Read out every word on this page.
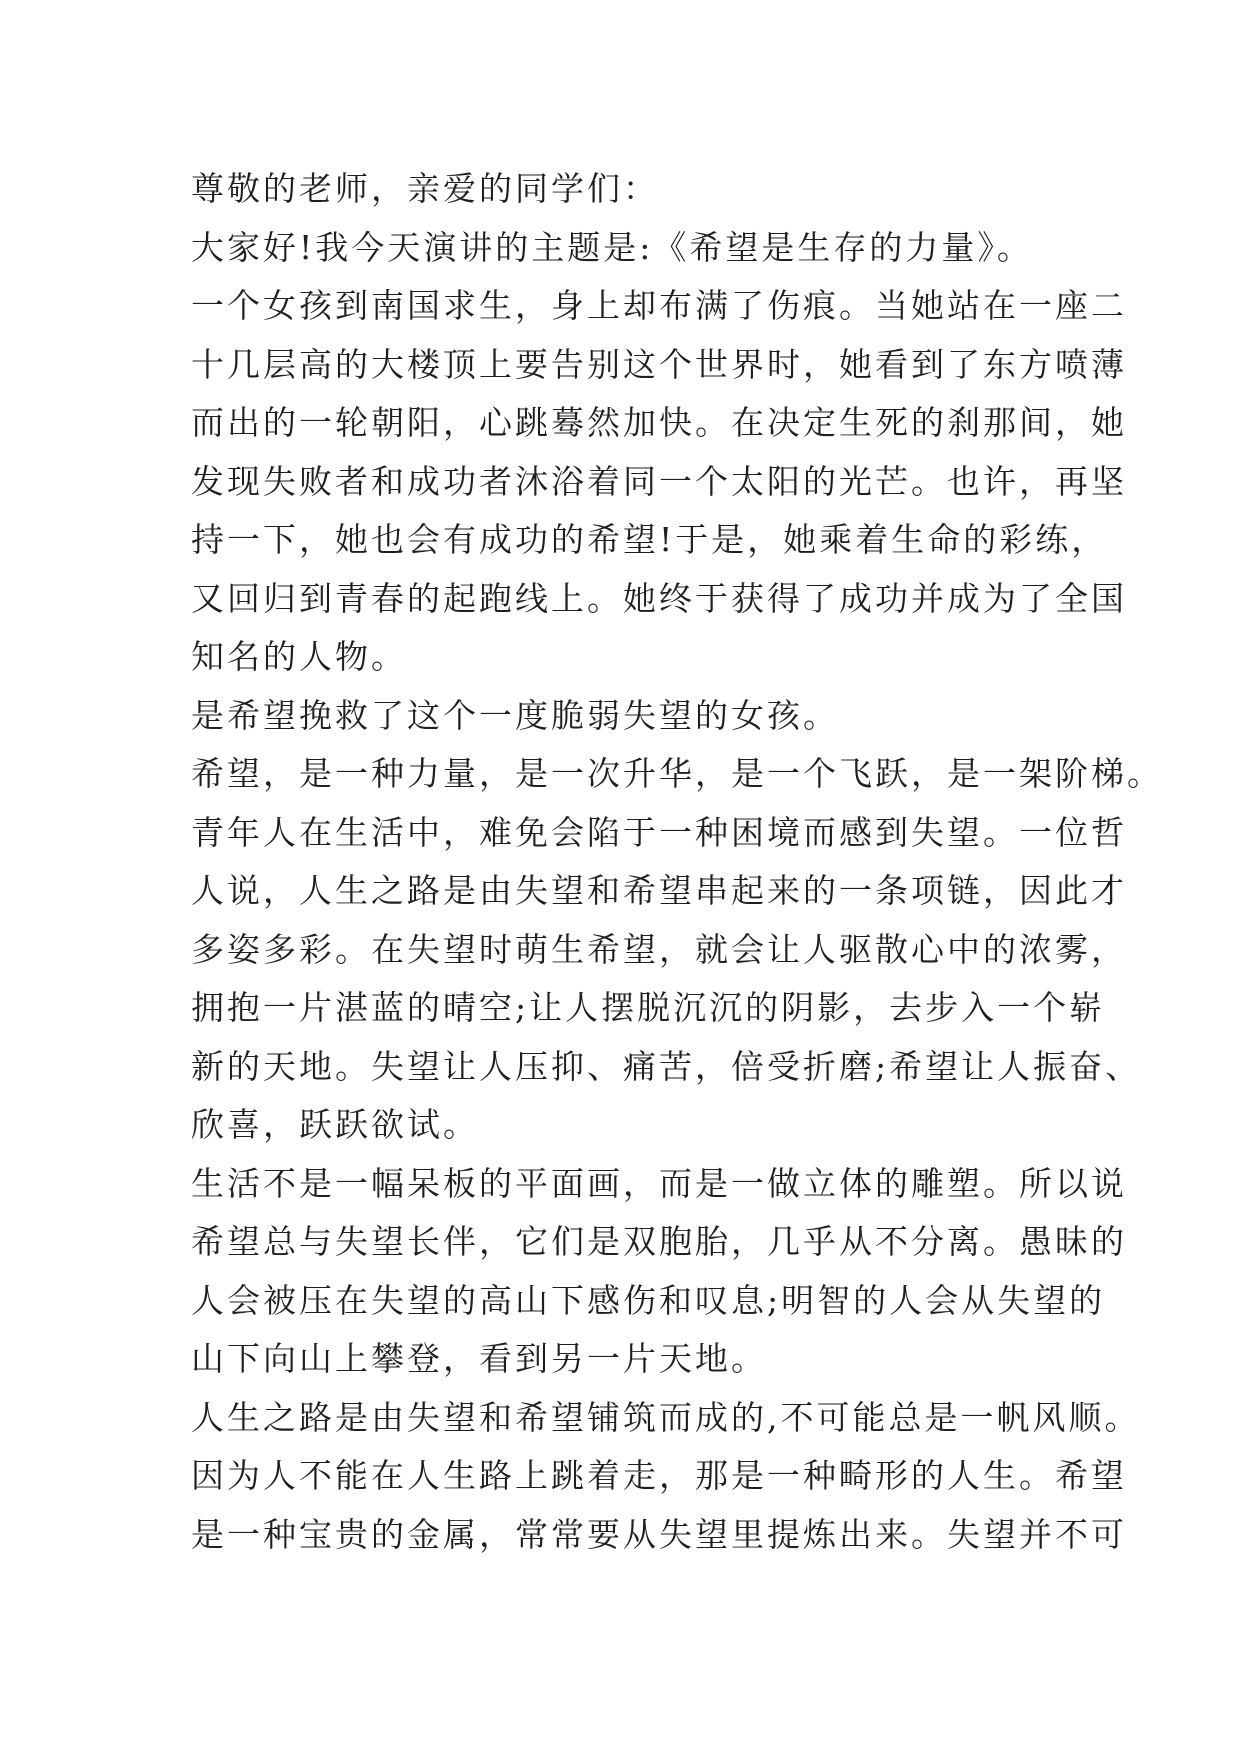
尊敬的老师，亲爱的同学们：
大家好!我今天演讲的主题是:《希望是生存的力量》。
一个女孩到南国求生，身上却布满了伤痕。当她站在一座二
十几层高的大楼顶上要告别这个世界时，她看到了东方喷薄
而出的一轮朝阳，心跳蓦然加快。在决定生死的刹那间，她
发现失败者和成功者沐浴着同一个太阳的光芒。也许，再坚
持一下，她也会有成功的希望!于是，她乘着生命的彩练，
又回归到青春的起跑线上。她终于获得了成功并成为了全国
知名的人物。
是希望挽救了这个一度脆弱失望的女孩。
希望，是一种力量，是一次升华，是一个飞跃，是一架阶梯。
青年人在生活中，难免会陷于一种困境而感到失望。一位哲
人说，人生之路是由失望和希望串起来的一条项链，因此才
多姿多彩。在失望时萌生希望，就会让人驱散心中的浓雾，
拥抱一片湛蓝的晴空;让人摆脱沉沉的阴影，去步入一个崭
新的天地。失望让人压抑、痛苦，倍受折磨;希望让人振奋、
欣喜，跃跃欲试。
生活不是一幅呆板的平面画，而是一做立体的雕塑。所以说
希望总与失望长伴，它们是双胞胎，几乎从不分离。愚昧的
人会被压在失望的高山下感伤和叹息;明智的人会从失望的
山下向山上攀登，看到另一片天地。
人生之路是由失望和希望铺筑而成的,不可能总是一帆风顺。
因为人不能在人生路上跳着走，那是一种畸形的人生。希望
是一种宝贵的金属，常常要从失望里提炼出来。失望并不可
